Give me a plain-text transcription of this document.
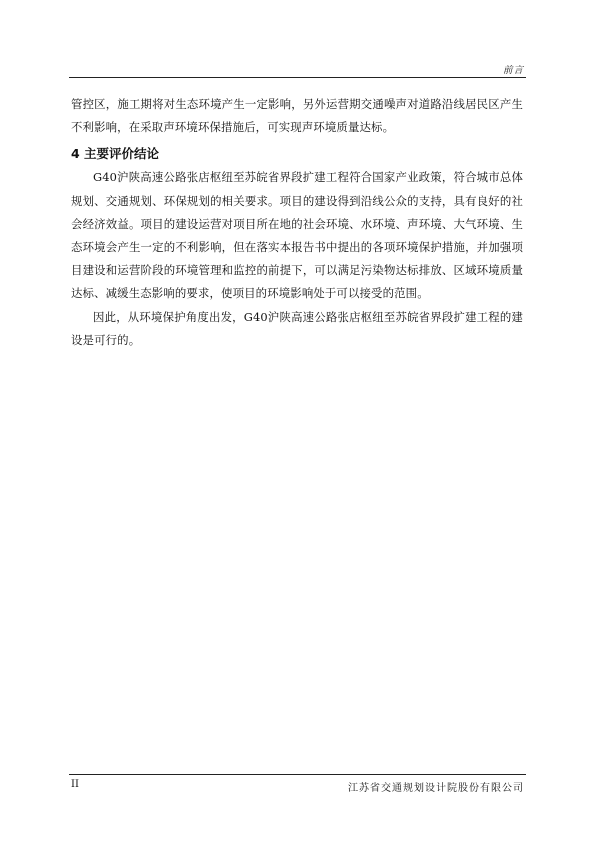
前言

管控区，施工期将对生态环境产生一定影响，另外运营期交通噪声对道路沿线居民区产生不利影响，在采取声环境环保措施后，可实现声环境质量达标。

4 主要评价结论

G40沪陕高速公路张店枢纽至苏皖省界段扩建工程符合国家产业政策，符合城市总体规划、交通规划、环保规划的相关要求。项目的建设得到沿线公众的支持，具有良好的社会经济效益。项目的建设运营对项目所在地的社会环境、水环境、声环境、大气环境、生态环境会产生一定的不利影响，但在落实本报告书中提出的各项环境保护措施，并加强项目建设和运营阶段的环境管理和监控的前提下，可以满足污染物达标排放、区域环境质量达标、减缓生态影响的要求，使项目的环境影响处于可以接受的范围。

因此，从环境保护角度出发，G40沪陕高速公路张店枢纽至苏皖省界段扩建工程的建设是可行的。

II	江苏省交通规划设计院股份有限公司
